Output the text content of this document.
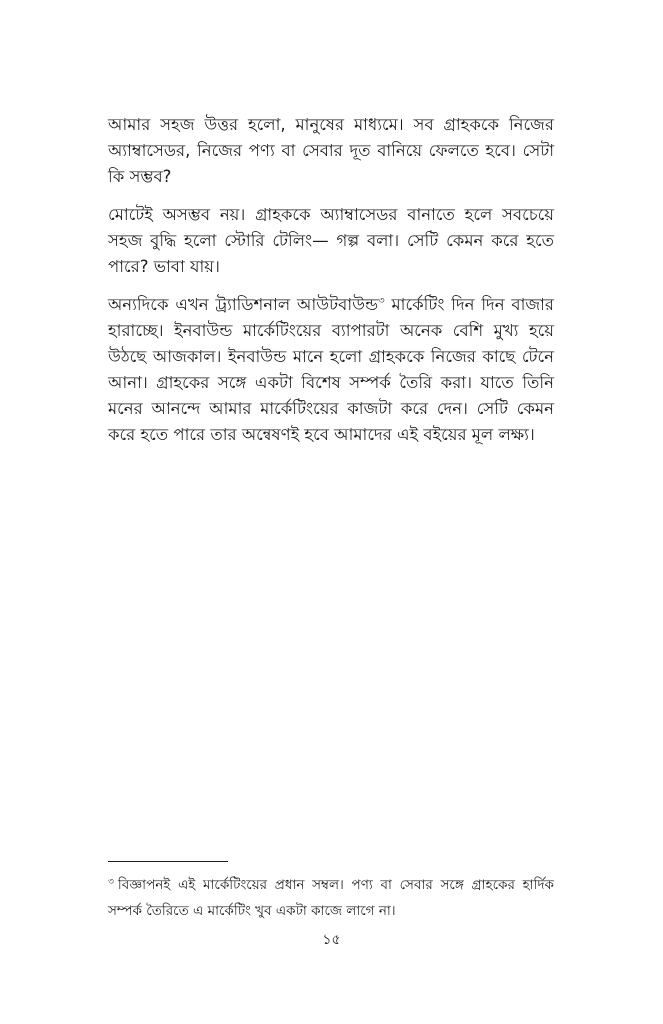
আমার সহজ উত্তর হলো, মানুষের মাধ্যমে। সব গ্রাহককে নিজের
অ্যাম্বাসেডর, নিজের পণ্য বা সেবার দূত বানিয়ে ফেলতে হবে। সেটা
কি সম্ভব?

মোটেই অসম্ভব নয়। গ্রাহককে অ্যাম্বাসেডর বানাতে হলে সবচেয়ে
সহজ বুদ্ধি হলো স্টোরি টেলিং— গল্প বলা। সেটি কেমন করে হতে
পারে? ভাবা যায়।

অন্যদিকে এখন ট্র্যাডিশনাল আউটবাউন্ড$^৩$ মার্কেটিং দিন দিন বাজার
হারাচ্ছে। ইনবাউন্ড মার্কেটিংয়ের ব্যাপারটা অনেক বেশি মুখ্য হয়ে
উঠছে আজকাল। ইনবাউন্ড মানে হলো গ্রাহককে নিজের কাছে টেনে
আনা। গ্রাহকের সঙ্গে একটা বিশেষ সম্পর্ক তৈরি করা। যাতে তিনি
মনের আনন্দে আমার মার্কেটিংয়ের কাজটা করে দেন। সেটি কেমন
করে হতে পারে তার অন্বেষণই হবে আমাদের এই বইয়ের মূল লক্ষ্য।

$^৩$ বিজ্ঞাপনই এই মার্কেটিংয়ের প্রধান সম্বল। পণ্য বা সেবার সঙ্গে গ্রাহকের হার্দিক
সম্পর্ক তৈরিতে এ মার্কেটিং খুব একটা কাজে লাগে না।
১৫
